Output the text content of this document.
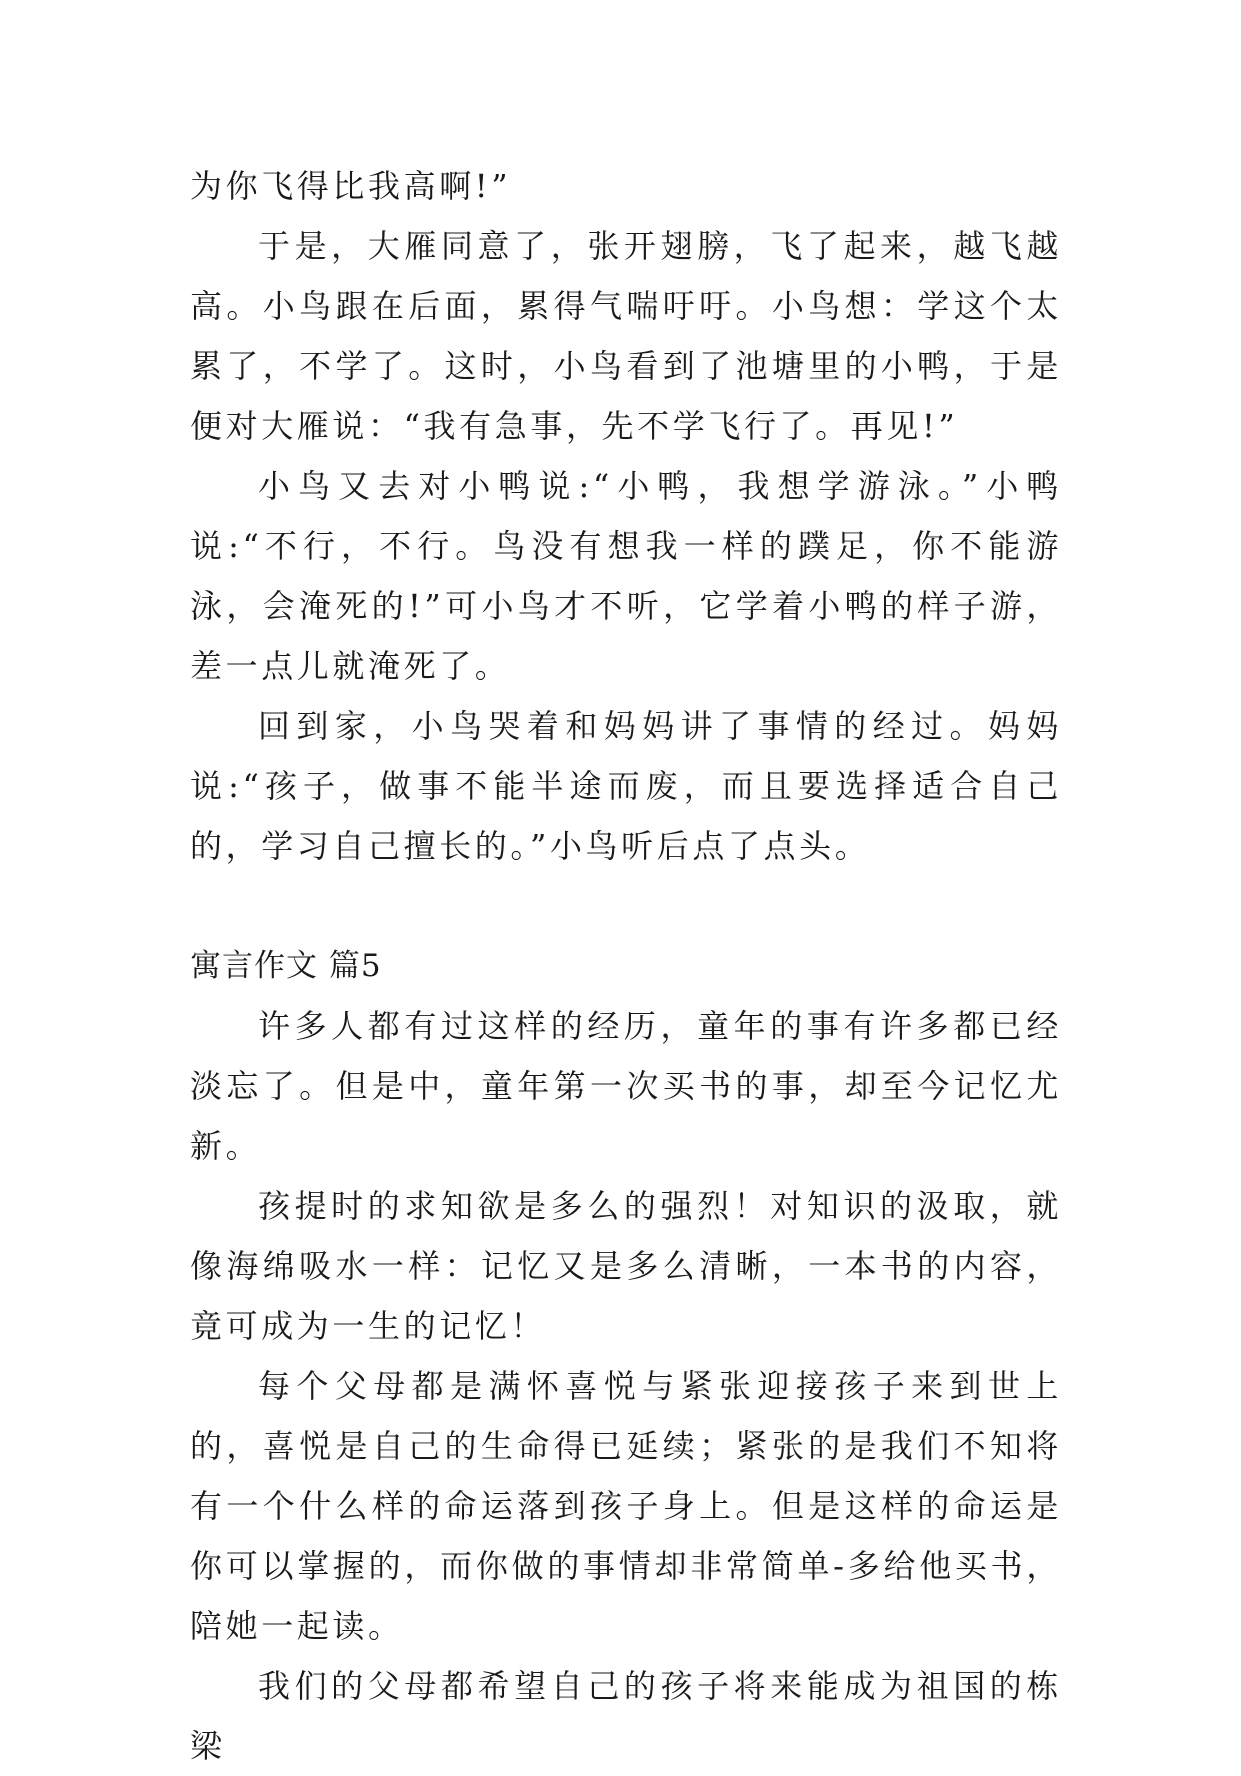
为你飞得比我高啊!”

于是，大雁同意了，张开翅膀，飞了起来，越飞越高。小鸟跟在后面，累得气喘吁吁。小鸟想：学这个太累了，不学了。这时，小鸟看到了池塘里的小鸭，于是便对大雁说：“我有急事，先不学飞行了。再见!”

小鸟又去对小鸭说:“小鸭，我想学游泳。”小鸭说:“不行，不行。鸟没有想我一样的蹼足，你不能游泳，会淹死的!”可小鸟才不听，它学着小鸭的样子游，差一点儿就淹死了。

回到家，小鸟哭着和妈妈讲了事情的经过。妈妈说:“孩子，做事不能半途而废，而且要选择适合自己的，学习自己擅长的。”小鸟听后点了点头。

寓言作文 篇5

许多人都有过这样的经历，童年的事有许多都已经淡忘了。但是中，童年第一次买书的事，却至今记忆尤新。

孩提时的求知欲是多么的强烈！对知识的汲取，就像海绵吸水一样：记忆又是多么清晰，一本书的内容，竟可成为一生的记忆！

每个父母都是满怀喜悦与紧张迎接孩子来到世上的，喜悦是自己的生命得已延续；紧张的是我们不知将有一个什么样的命运落到孩子身上。但是这样的命运是你可以掌握的，而你做的事情却非常简单-多给他买书，陪她一起读。

我们的父母都希望自己的孩子将来能成为祖国的栋梁
